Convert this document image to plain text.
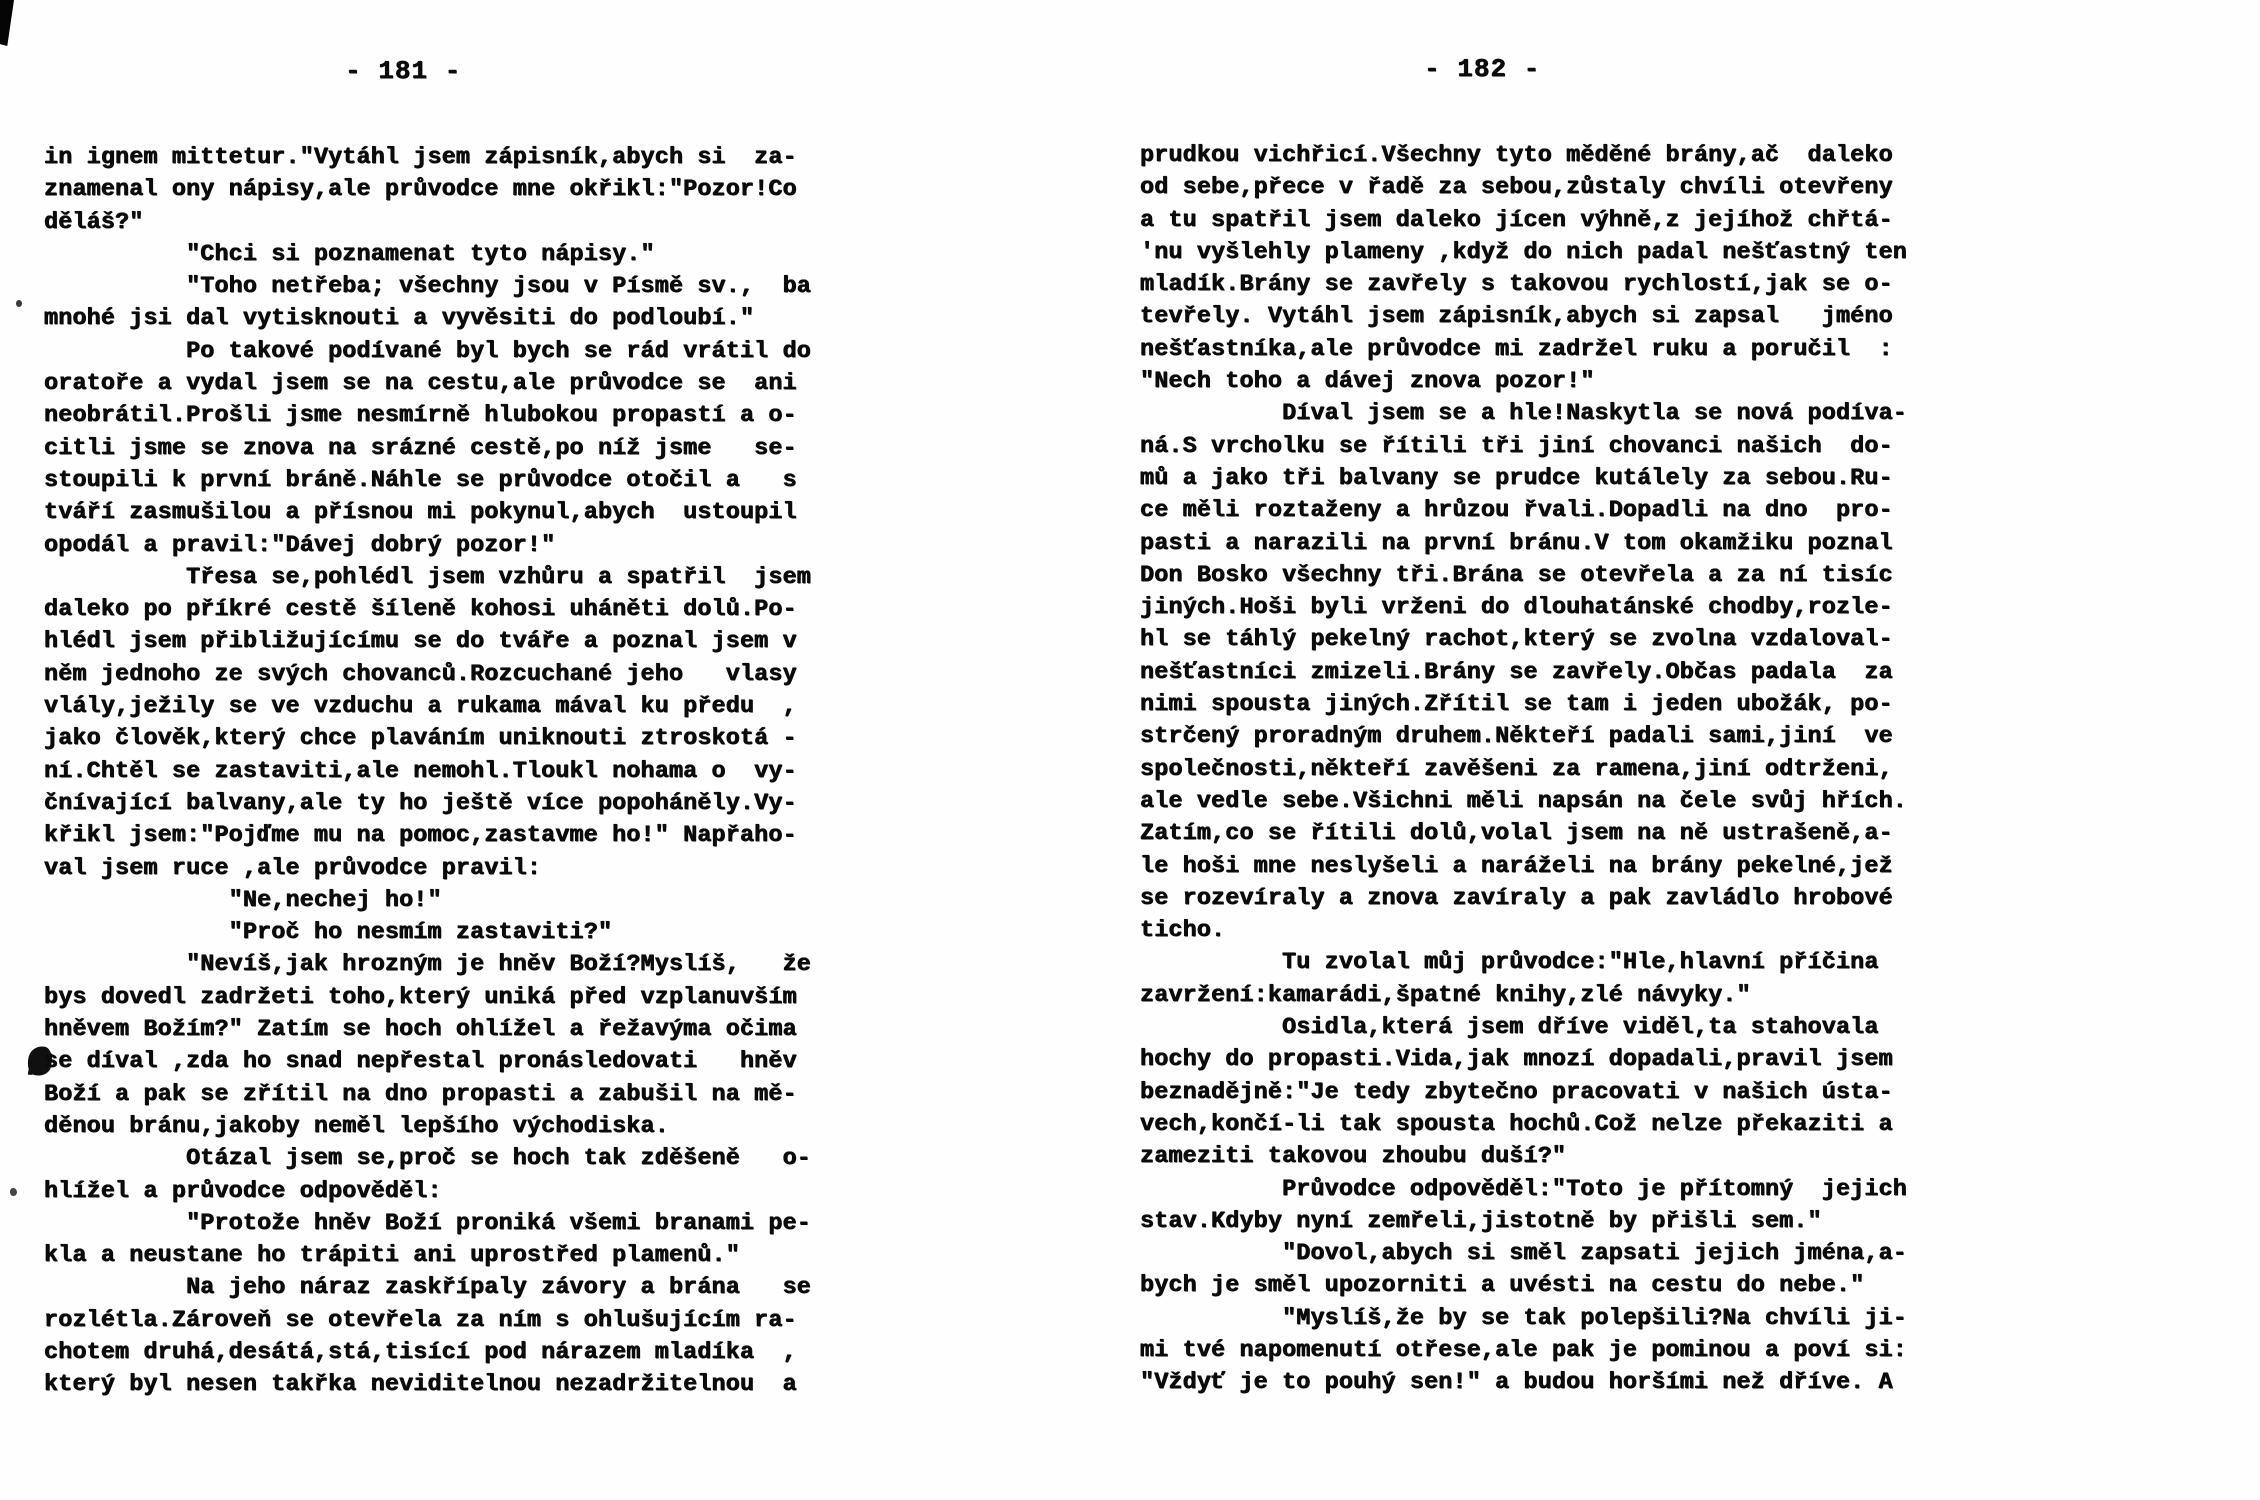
- 181 -	- 182 -
in ignem mittetur."Vytáhl jsem zápisník,abych si  za-
znamenal ony nápisy,ale průvodce mne okřikl:"Pozor!Co
děláš?"
"Chci si poznamenat tyto nápisy."
"Toho netřeba; všechny jsou v Písmě sv.,  ba
mnohé jsi dal vytisknouti a vyvěsiti do podloubí."
Po takové podívané byl bych se rád vrátil do
oratoře a vydal jsem se na cestu,ale průvodce se  ani
neobrátil.Prošli jsme nesmírně hlubokou propastí a o-
citli jsme se znova na srázné cestě,po níž jsme   se-
stoupili k první bráně.Náhle se průvodce otočil a   s
tváří zasmušilou a přísnou mi pokynul,abych  ustoupil
opodál a pravil:"Dávej dobrý pozor!"
Třesa se,pohlédl jsem vzhůru a spatřil  jsem
daleko po příkré cestě šíleně kohosi uháněti dolů.Po-
hlédl jsem přibližujícímu se do tváře a poznal jsem v
něm jednoho ze svých chovanců.Rozcuchané jeho   vlasy
vlály,ježily se ve vzduchu a rukama mával ku předu  ,
jako člověk,který chce plaváním uniknouti ztroskotá -
ní.Chtěl se zastaviti,ale nemohl.Tloukl nohama o  vy-
čnívající balvany,ale ty ho ještě více popoháněly.Vy-
křikl jsem:"Pojďme mu na pomoc,zastavme ho!" Napřaho-
val jsem ruce ,ale průvodce pravil:
"Ne,nechej ho!"
"Proč ho nesmím zastaviti?"
"Nevíš,jak hrozným je hněv Boží?Myslíš,   že
bys dovedl zadržeti toho,který uniká před vzplanuvším
hněvem Božím?" Zatím se hoch ohlížel a řežavýma očima
se díval ,zda ho snad nepřestal pronásledovati   hněv
Boží a pak se zřítil na dno propasti a zabušil na mě-
děnou bránu,jakoby neměl lepšího východiska.
Otázal jsem se,proč se hoch tak zděšeně   o-
hlížel a průvodce odpověděl:
"Protože hněv Boží proniká všemi branami pe-
kla a neustane ho trápiti ani uprostřed plamenů."
Na jeho náraz zaskřípaly závory a brána   se
rozlétla.Zároveň se otevřela za ním s ohlušujícím ra-
chotem druhá,desátá,stá,tisící pod nárazem mladíka  ,
který byl nesen takřka neviditelnou nezadržitelnou  a
prudkou vichřicí.Všechny tyto měděné brány,ač  daleko
od sebe,přece v řadě za sebou,zůstaly chvíli otevřeny
a tu spatřil jsem daleko jícen výhně,z jejíhož chřtá-
'nu vyšlehly plameny ,když do nich padal nešťastný ten
mladík.Brány se zavřely s takovou rychlostí,jak se o-
tevřely. Vytáhl jsem zápisník,abych si zapsal   jméno
nešťastníka,ale průvodce mi zadržel ruku a poručil  :
"Nech toho a dávej znova pozor!"
Díval jsem se a hle!Naskytla se nová podíva-
ná.S vrcholku se řítili tři jiní chovanci našich  do-
mů a jako tři balvany se prudce kutálely za sebou.Ru-
ce měli roztaženy a hrůzou řvali.Dopadli na dno  pro-
pasti a narazili na první bránu.V tom okamžiku poznal
Don Bosko všechny tři.Brána se otevřela a za ní tisíc
jiných.Hoši byli vrženi do dlouhatánské chodby,rozle-
hl se táhlý pekelný rachot,který se zvolna vzdaloval-
nešťastníci zmizeli.Brány se zavřely.Občas padala  za
nimi spousta jiných.Zřítil se tam i jeden ubožák, po-
strčený proradným druhem.Někteří padali sami,jiní  ve
společnosti,někteří zavěšeni za ramena,jiní odtrženi,
ale vedle sebe.Všichni měli napsán na čele svůj hřích.
Zatím,co se řítili dolů,volal jsem na ně ustrašeně,a-
le hoši mne neslyšeli a naráželi na brány pekelné,jež
se rozevíraly a znova zavíraly a pak zavládlo hrobové
ticho.
Tu zvolal můj průvodce:"Hle,hlavní příčina
zavržení:kamarádi,špatné knihy,zlé návyky."
Osidla,která jsem dříve viděl,ta stahovala
hochy do propasti.Vida,jak mnozí dopadali,pravil jsem
beznadějně:"Je tedy zbytečno pracovati v našich ústa-
vech,končí-li tak spousta hochů.Což nelze překaziti a
zameziti takovou zhoubu duší?"
Průvodce odpověděl:"Toto je přítomný  jejich
stav.Kdyby nyní zemřeli,jistotně by přišli sem."
"Dovol,abych si směl zapsati jejich jména,a-
bych je směl upozorniti a uvésti na cestu do nebe."
"Myslíš,že by se tak polepšili?Na chvíli ji-
mi tvé napomenutí otřese,ale pak je pominou a poví si:
"Vždyť je to pouhý sen!" a budou horšími než dříve. A
